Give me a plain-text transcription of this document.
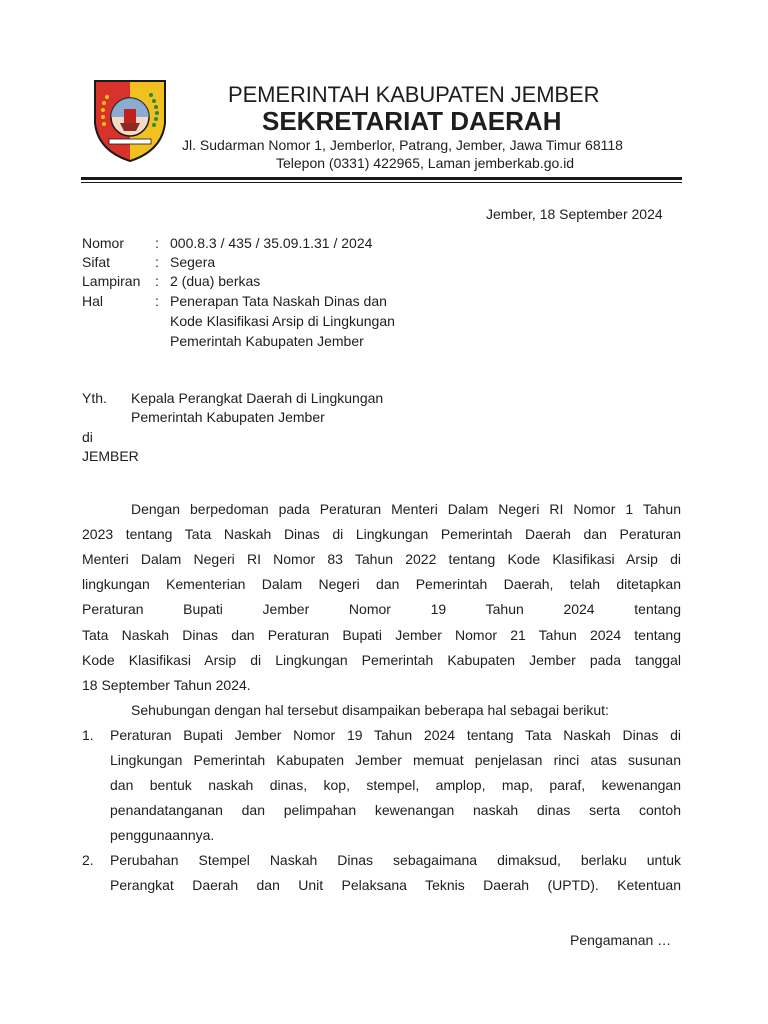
PEMERINTAH KABUPATEN JEMBER
SEKRETARIAT DAERAH
Jl. Sudarman Nomor 1, Jemberlor, Patrang, Jember, Jawa Timur 68118
Telepon (0331) 422965, Laman jemberkab.go.id
Jember, 18 September 2024
Nomor : 000.8.3 / 435 / 35.09.1.31 / 2024
Sifat	: Segera
Lampiran : 2 (dua) berkas
Hal	: Penerapan Tata Naskah Dinas dan
Kode Klasifikasi Arsip di Lingkungan
Pemerintah Kabupaten Jember
Yth. Kepala Perangkat Daerah di Lingkungan
Pemerintah Kabupaten Jember
di
JEMBER
Dengan berpedoman pada Peraturan Menteri Dalam Negeri RI Nomor 1 Tahun
2023 tentang Tata Naskah Dinas di Lingkungan Pemerintah Daerah dan Peraturan
Menteri Dalam Negeri RI Nomor 83 Tahun 2022 tentang Kode Klasifikasi Arsip di
lingkungan Kementerian Dalam Negeri dan Pemerintah Daerah, telah ditetapkan
Peraturan Bupati Jember Nomor 19 Tahun 2024 tentang
Tata Naskah Dinas dan Peraturan Bupati Jember Nomor 21 Tahun 2024 tentang
Kode Klasifikasi Arsip di Lingkungan Pemerintah Kabupaten Jember pada tanggal
18 September Tahun 2024.
Sehubungan dengan hal tersebut disampaikan beberapa hal sebagai berikut:
1. Peraturan Bupati Jember Nomor 19 Tahun 2024 tentang Tata Naskah Dinas di
Lingkungan Pemerintah Kabupaten Jember memuat penjelasan rinci atas susunan
dan bentuk naskah dinas, kop, stempel, amplop, map, paraf, kewenangan
penandatanganan dan pelimpahan kewenangan naskah dinas serta contoh
penggunaannya.
2. Perubahan Stempel Naskah Dinas sebagaimana dimaksud, berlaku untuk
Perangkat Daerah dan Unit Pelaksana Teknis Daerah (UPTD). Ketentuan
Pengamanan …
